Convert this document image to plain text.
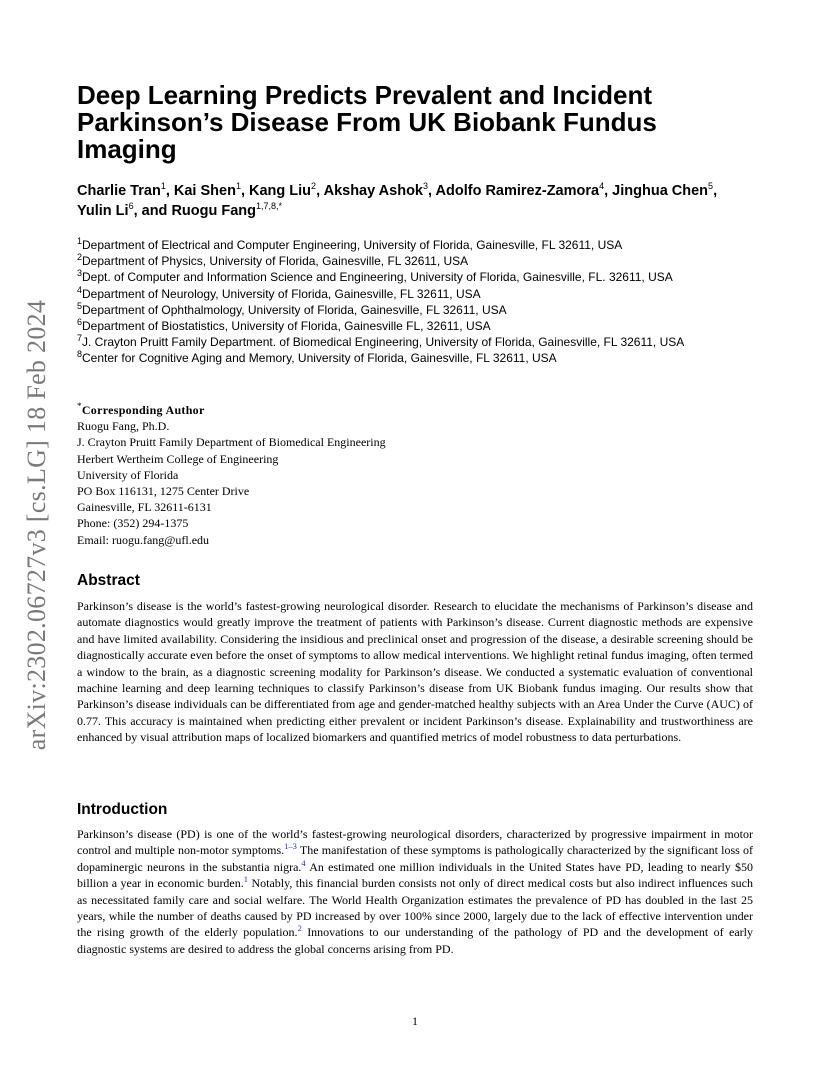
arXiv:2302.06727v3 [cs.LG] 18 Feb 2024
Deep Learning Predicts Prevalent and Incident Parkinson’s Disease From UK Biobank Fundus Imaging
Charlie Tran$^1$, Kai Shen$^1$, Kang Liu$^2$, Akshay Ashok$^3$, Adolfo Ramirez-Zamora$^4$, Jinghua Chen$^5$, Yulin Li$^6$, and Ruogu Fang$^{1,7,8,*}$
$^1$Department of Electrical and Computer Engineering, University of Florida, Gainesville, FL 32611, USA
$^2$Department of Physics, University of Florida, Gainesville, FL 32611, USA
$^3$Dept. of Computer and Information Science and Engineering, University of Florida, Gainesville, FL. 32611, USA
$^4$Department of Neurology, University of Florida, Gainesville, FL 32611, USA
$^5$Department of Ophthalmology, University of Florida, Gainesville, FL 32611, USA
$^6$Department of Biostatistics, University of Florida, Gainesville FL, 32611, USA
$^7$J. Crayton Pruitt Family Department. of Biomedical Engineering, University of Florida, Gainesville, FL 32611, USA
$^8$Center for Cognitive Aging and Memory, University of Florida, Gainesville, FL 32611, USA
*Corresponding Author
Ruogu Fang, Ph.D.
J. Crayton Pruitt Family Department of Biomedical Engineering
Herbert Wertheim College of Engineering
University of Florida
PO Box 116131, 1275 Center Drive
Gainesville, FL 32611-6131
Phone: (352) 294-1375
Email: ruogu.fang@ufl.edu
Abstract

Parkinson’s disease is the world’s fastest-growing neurological disorder. Research to elucidate the mechanisms of Parkinson’s disease and automate diagnostics would greatly improve the treatment of patients with Parkinson’s disease. Current diagnostic methods are expensive and have limited availability. Considering the insidious and preclinical onset and progression of the disease, a desirable screening should be diagnostically accurate even before the onset of symptoms to allow medical interventions. We highlight retinal fundus imaging, often termed a window to the brain, as a diagnostic screening modality for Parkinson’s disease. We conducted a systematic evaluation of conventional machine learning and deep learning techniques to classify Parkinson’s disease from UK Biobank fundus imaging. Our results show that Parkinson’s disease individuals can be differentiated from age and gender-matched healthy subjects with an Area Under the Curve (AUC) of 0.77. This accuracy is maintained when predicting either prevalent or incident Parkinson’s disease. Explainability and trustworthiness are enhanced by visual attribution maps of localized biomarkers and quantified metrics of model robustness to data perturbations.

Introduction

Parkinson’s disease (PD) is one of the world’s fastest-growing neurological disorders, characterized by progressive impairment in motor control and multiple non-motor symptoms.$^{1-3}$ The manifestation of these symptoms is pathologically characterized by the significant loss of dopaminergic neurons in the substantia nigra.$^4$ An estimated one million individuals in the United States have PD, leading to nearly $50 billion a year in economic burden.$^1$ Notably, this financial burden consists not only of direct medical costs but also indirect influences such as necessitated family care and social welfare. The World Health Organization estimates the prevalence of PD has doubled in the last 25 years, while the number of deaths caused by PD increased by over 100% since 2000, largely due to the lack of effective intervention under the rising growth of the elderly population.$^2$ Innovations to our understanding of the pathology of PD and the development of early diagnostic systems are desired to address the global concerns arising from PD.

1
